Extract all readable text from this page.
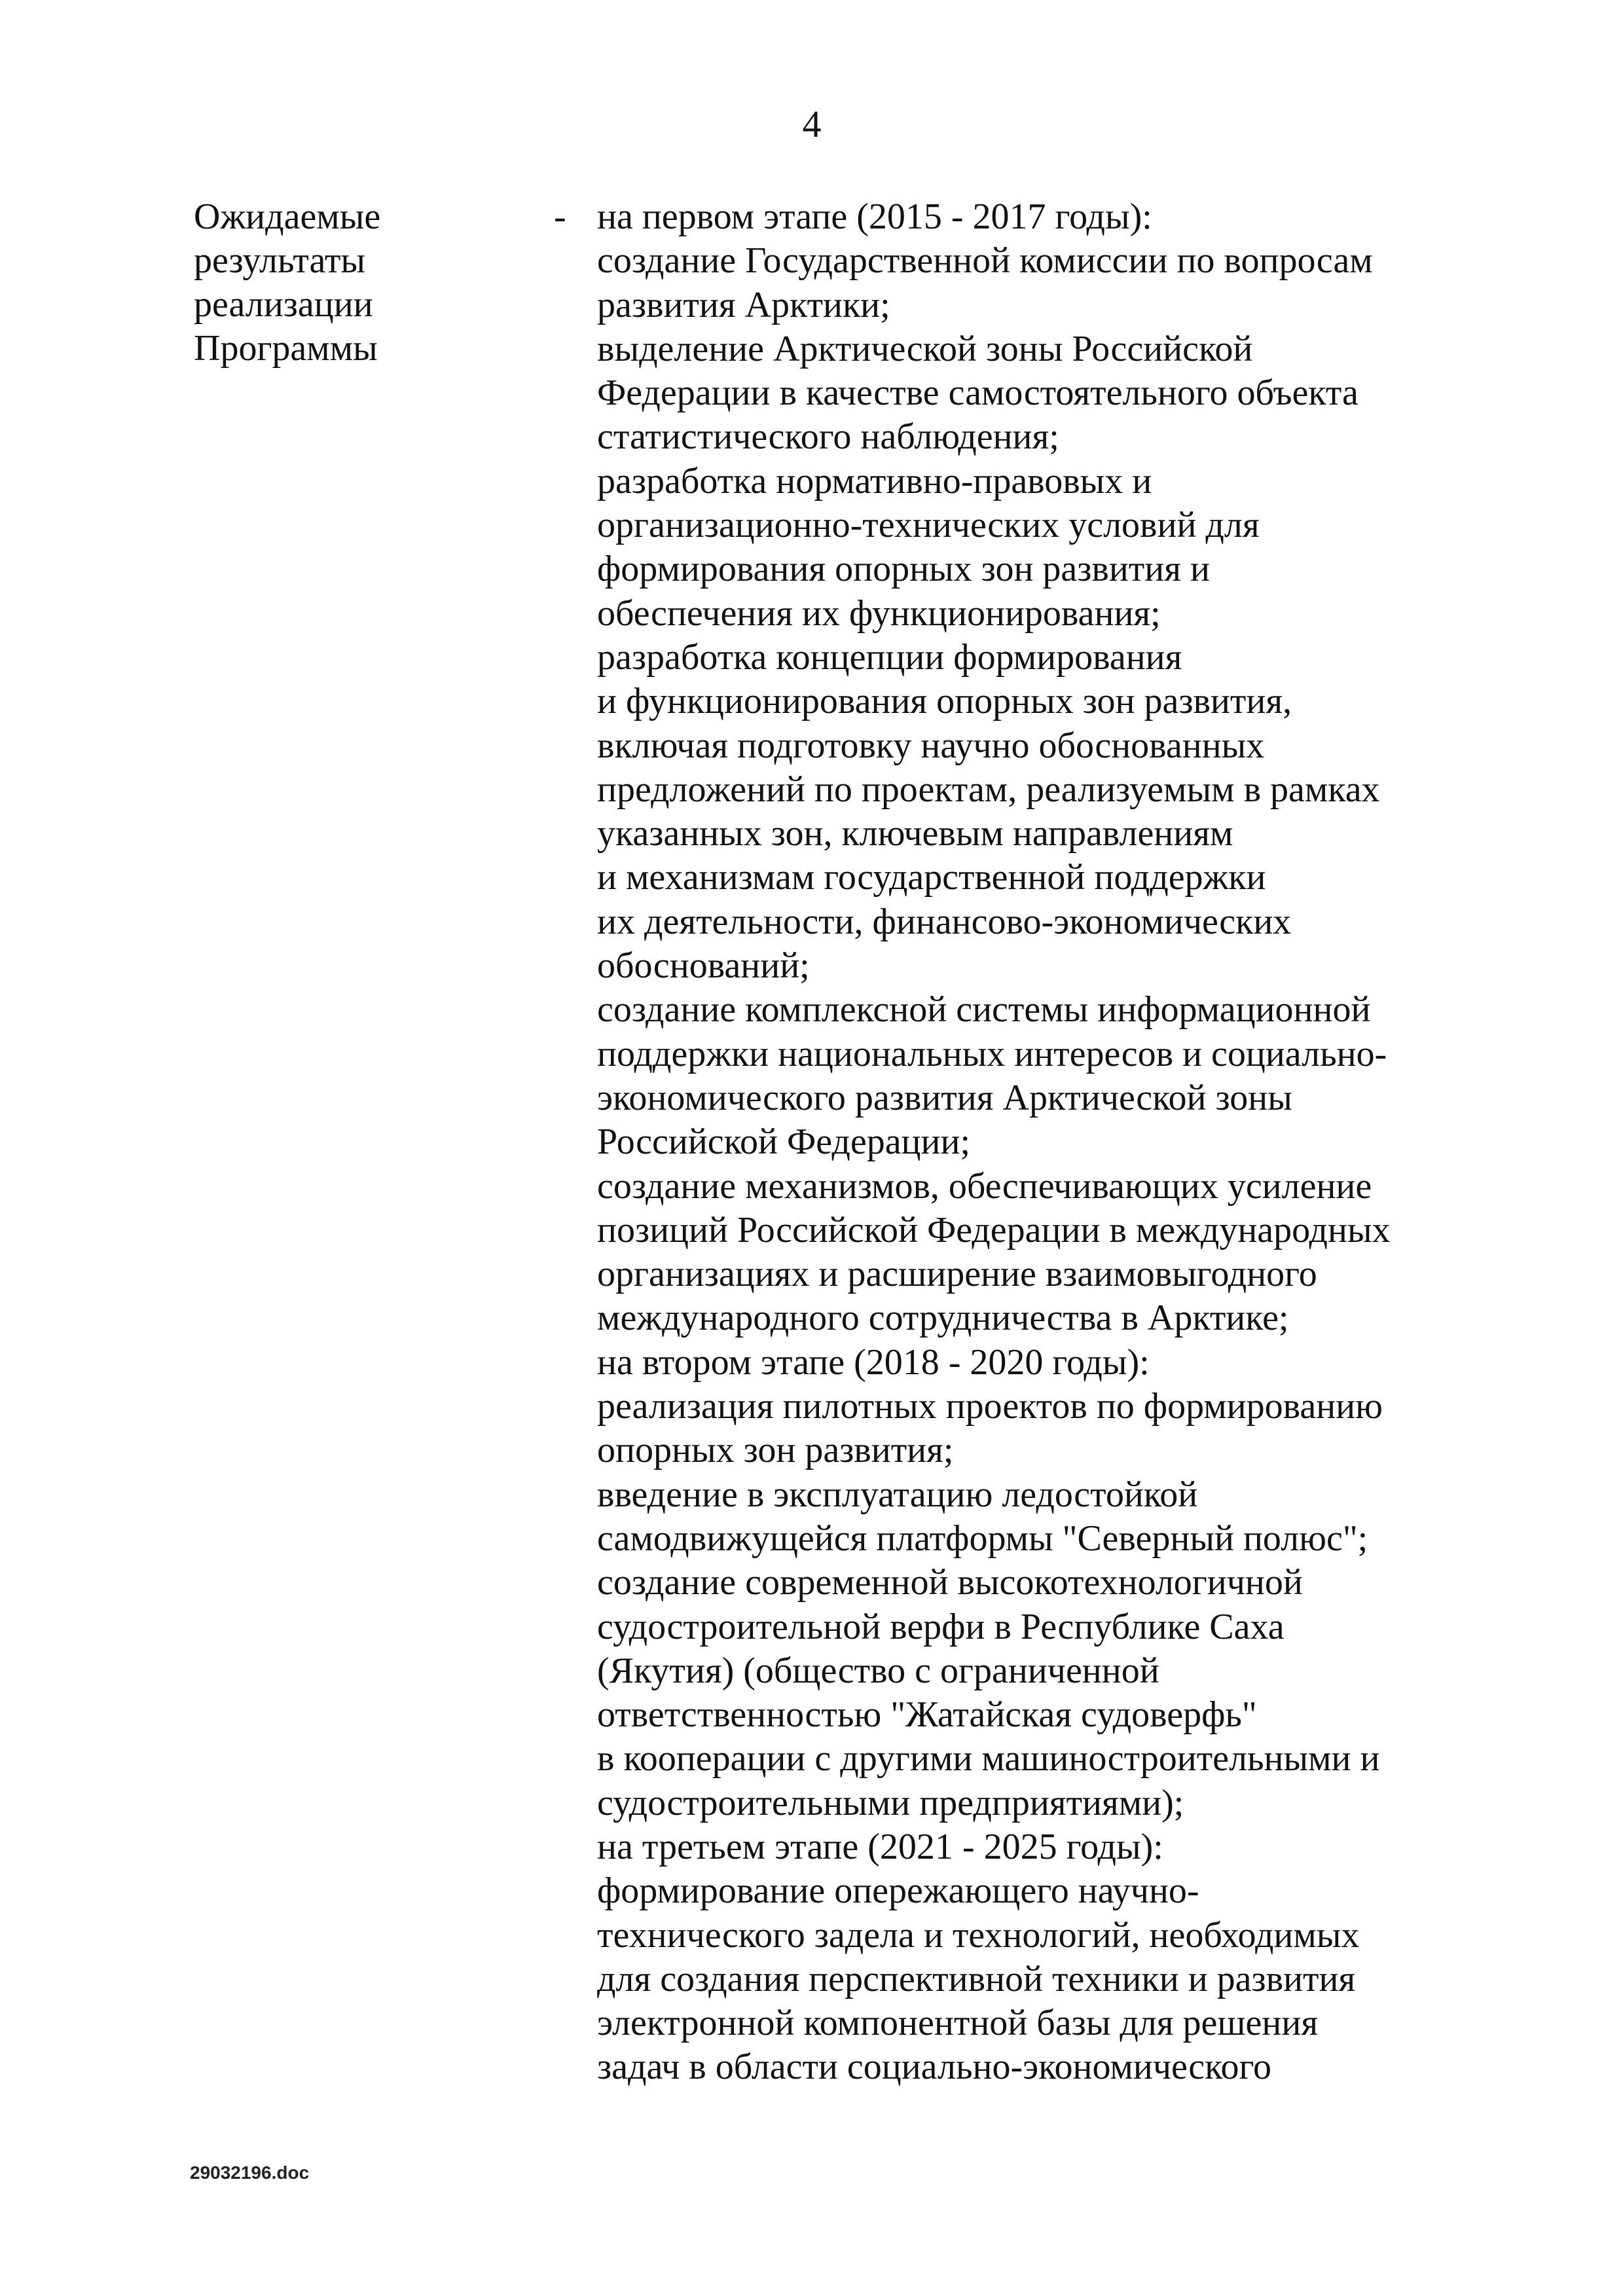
4
Ожидаемые
результаты
реализации
Программы
- на первом этапе (2015 - 2017 годы):
создание Государственной комиссии по вопросам
развития Арктики;
выделение Арктической зоны Российской
Федерации в качестве самостоятельного объекта
статистического наблюдения;
разработка нормативно-правовых и
организационно-технических условий для
формирования опорных зон развития и
обеспечения их функционирования;
разработка концепции формирования
и функционирования опорных зон развития,
включая подготовку научно обоснованных
предложений по проектам, реализуемым в рамках
указанных зон, ключевым направлениям
и механизмам государственной поддержки
их деятельности, финансово-экономических
обоснований;
создание комплексной системы информационной
поддержки национальных интересов и социально-
экономического развития Арктической зоны
Российской Федерации;
создание механизмов, обеспечивающих усиление
позиций Российской Федерации в международных
организациях и расширение взаимовыгодного
международного сотрудничества в Арктике;
на втором этапе (2018 - 2020 годы):
реализация пилотных проектов по формированию
опорных зон развития;
введение в эксплуатацию ледостойкой
самодвижущейся платформы "Северный полюс";
создание современной высокотехнологичной
судостроительной верфи в Республике Саха
(Якутия) (общество с ограниченной
ответственностью "Жатайская судоверфь"
в кооперации с другими машиностроительными и
судостроительными предприятиями);
на третьем этапе (2021 - 2025 годы):
формирование опережающего научно-
технического задела и технологий, необходимых
для создания перспективной техники и развития
электронной компонентной базы для решения
задач в области социально-экономического
29032196.doc
